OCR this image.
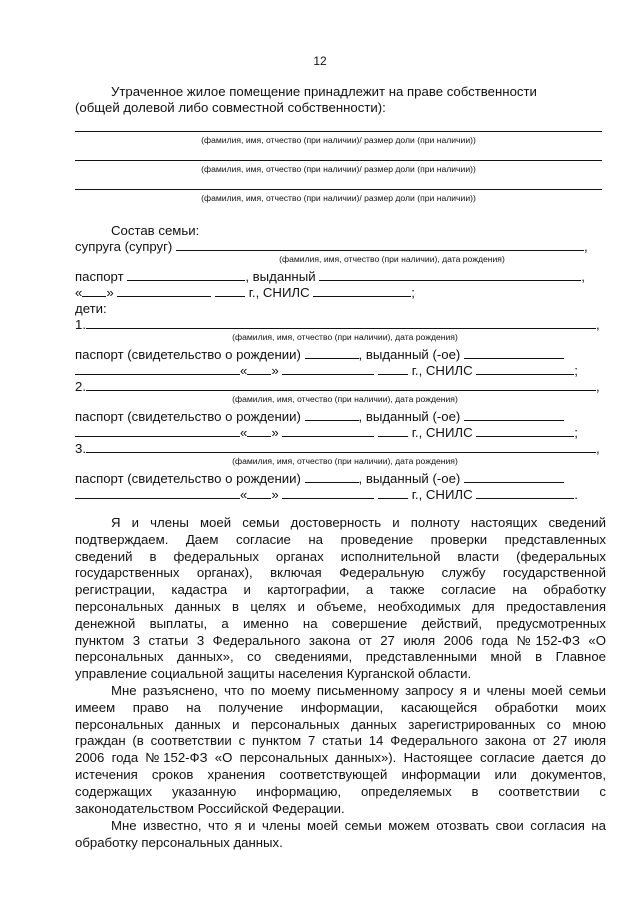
12
Утраченное жилое помещение принадлежит на праве собственности
(общей долевой либо совместной собственности):
(фамилия, имя, отчество (при наличии)/ размер доли (при наличии))
(фамилия, имя, отчество (при наличии)/ размер доли (при наличии))
(фамилия, имя, отчество (при наличии)/ размер доли (при наличии))
Состав семьи:
супруга (супруг)	,
(фамилия, имя, отчество (при наличии), дата рождения)
паспорт	, выданный	,
« »	г., СНИЛС	;
дети:
1.	,
(фамилия, имя, отчество (при наличии), дата рождения)
паспорт (свидетельство о рождении)	, выданный (-ое)
« »	г., СНИЛС	;
2.	,
(фамилия, имя, отчество (при наличии), дата рождения)
паспорт (свидетельство о рождении)	, выданный (-ое)
« »	г., СНИЛС	;
3.	,
(фамилия, имя, отчество (при наличии), дата рождения)
паспорт (свидетельство о рождении)	, выданный (-ое)
« »	г., СНИЛС	.
Я и члены моей семьи достоверность и полноту настоящих сведений
подтверждаем. Даем согласие на проведение проверки представленных
сведений в федеральных органах исполнительной власти (федеральных
государственных органах), включая Федеральную службу государственной
регистрации, кадастра и картографии, а также согласие на обработку
персональных данных в целях и объеме, необходимых для предоставления
денежной выплаты, а именно на совершение действий, предусмотренных
пунктом 3 статьи 3 Федерального закона от 27 июля 2006 года №152-ФЗ «О
персональных данных», со сведениями, представленными мной в Главное
управление социальной защиты населения Курганской области.
Мне разъяснено, что по моему письменному запросу я и члены моей семьи
имеем право на получение информации, касающейся обработки моих
персональных данных и персональных данных зарегистрированных со мною
граждан (в соответствии с пунктом 7 статьи 14 Федерального закона от 27 июля
2006 года №152-ФЗ «О персональных данных»). Настоящее согласие дается до
истечения сроков хранения соответствующей информации или документов,
содержащих указанную информацию, определяемых в соответствии с
законодательством Российской Федерации.
Мне известно, что я и члены моей семьи можем отозвать свои согласия на
обработку персональных данных.
